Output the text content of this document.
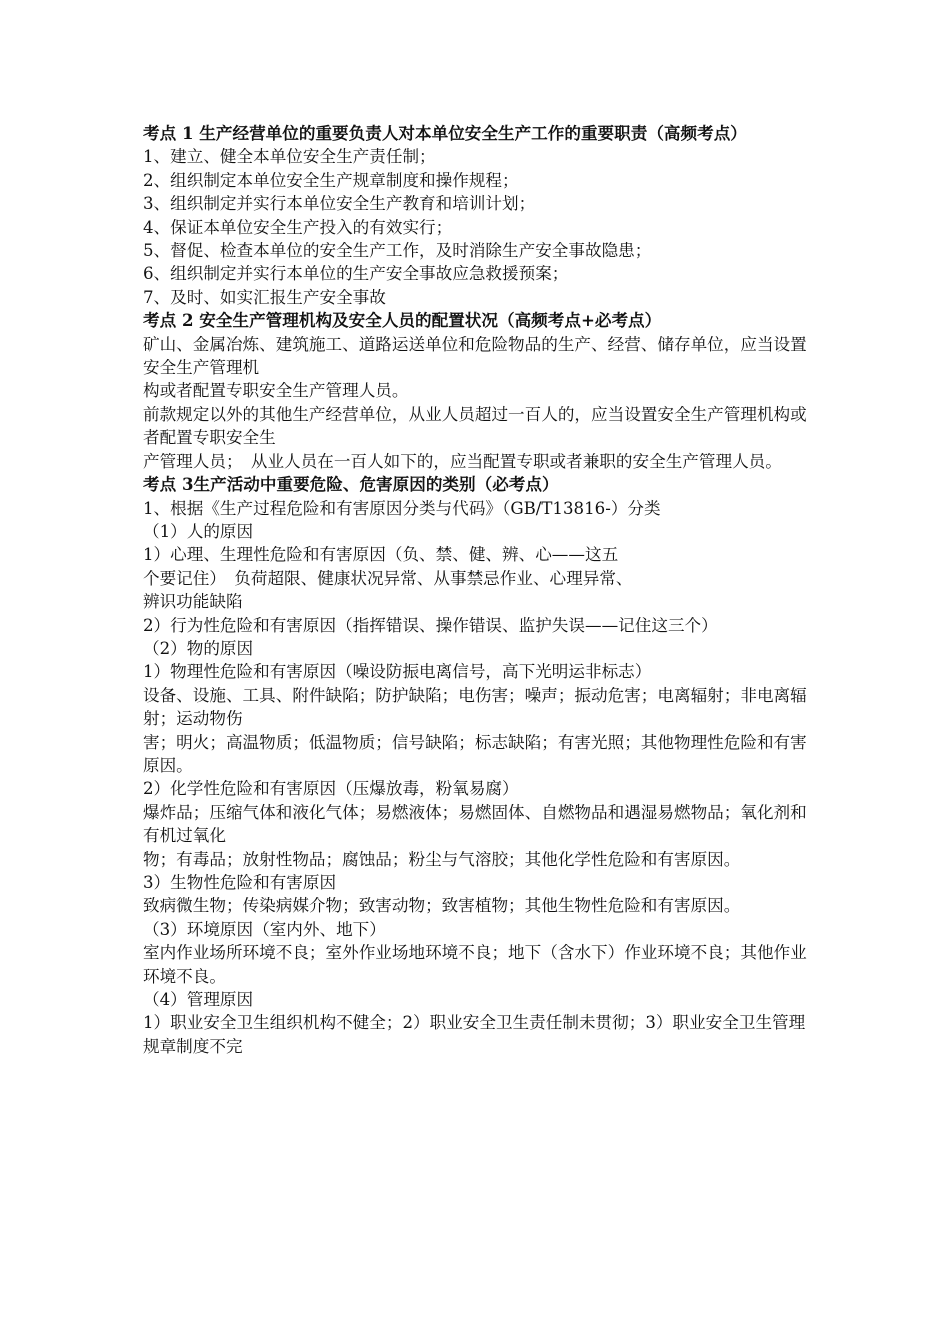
考点 1 生产经营单位的重要负责人对本单位安全生产工作的重要职责（高频考点）
1、建立、健全本单位安全生产责任制；
2、组织制定本单位安全生产规章制度和操作规程；
3、组织制定并实行本单位安全生产教育和培训计划；
4、保证本单位安全生产投入的有效实行；
5、督促、检查本单位的安全生产工作，及时消除生产安全事故隐患；
6、组织制定并实行本单位的生产安全事故应急救援预案；
7、及时、如实汇报生产安全事故
考点 2 安全生产管理机构及安全人员的配置状况（高频考点+必考点）
矿山、金属冶炼、建筑施工、道路运送单位和危险物品的生产、经营、储存单位，应当设置安全生产管理机
构或者配置专职安全生产管理人员。
前款规定以外的其他生产经营单位，从业人员超过一百人的，应当设置安全生产管理机构或者配置专职安全生
产管理人员；　从业人员在一百人如下的，应当配置专职或者兼职的安全生产管理人员。
考点 3生产活动中重要危险、危害原因的类别（必考点）
1、根据《生产过程危险和有害原因分类与代码》（GB/T13816-）分类
（1）人的原因
1）心理、生理性危险和有害原因（负、禁、健、辨、心——这五
个要记住）　负荷超限、健康状况异常、从事禁忌作业、心理异常、
辨识功能缺陷
2）行为性危险和有害原因（指挥错误、操作错误、监护失误——记住这三个）
（2）物的原因
1）物理性危险和有害原因（噪设防振电离信号，高下光明运非标志）
设备、设施、工具、附件缺陷；防护缺陷；电伤害；噪声；振动危害；电离辐射；非电离辐射；运动物伤
害；明火；高温物质；低温物质；信号缺陷；标志缺陷；有害光照；其他物理性危险和有害原因。
2）化学性危险和有害原因（压爆放毒，粉氧易腐）
爆炸品；压缩气体和液化气体；易燃液体；易燃固体、自燃物品和遇湿易燃物品；氧化剂和有机过氧化
物；有毒品；放射性物品；腐蚀品；粉尘与气溶胶；其他化学性危险和有害原因。
3）生物性危险和有害原因
致病微生物；传染病媒介物；致害动物；致害植物；其他生物性危险和有害原因。
（3）环境原因（室内外、地下）
室内作业场所环境不良；室外作业场地环境不良；地下（含水下）作业环境不良；其他作业环境不良。
（4）管理原因
1）职业安全卫生组织机构不健全；2）职业安全卫生责任制未贯彻；3）职业安全卫生管理规章制度不完
